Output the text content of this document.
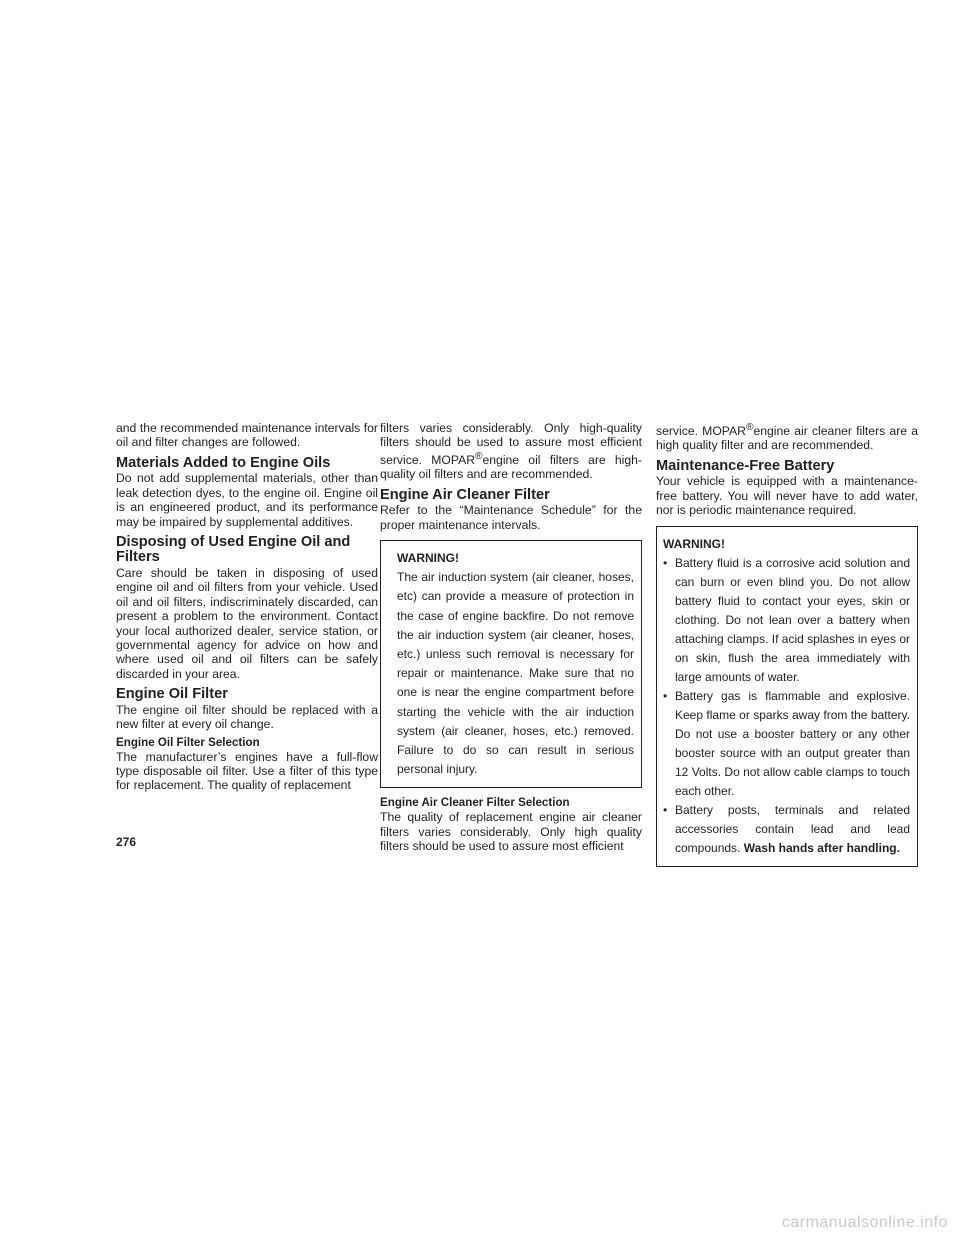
and the recommended maintenance intervals for oil and filter changes are followed.

Materials Added to Engine Oils

Do not add supplemental materials, other than leak detection dyes, to the engine oil. Engine oil is an engineered product, and its performance may be impaired by supplemental additives.

Disposing of Used Engine Oil and Filters

Care should be taken in disposing of used engine oil and oil filters from your vehicle. Used oil and oil filters, indiscriminately discarded, can present a problem to the environment. Contact your local authorized dealer, service station, or governmental agency for advice on how and where used oil and oil filters can be safely discarded in your area.

Engine Oil Filter

The engine oil filter should be replaced with a new filter at every oil change.

Engine Oil Filter Selection

The manufacturer’s engines have a full-flow type disposable oil filter. Use a filter of this type for replacement. The quality of replacement

filters varies considerably. Only high-quality filters should be used to assure most efficient service. MOPAR®engine oil filters are high-quality oil filters and are recommended.

Engine Air Cleaner Filter

Refer to the “Maintenance Schedule” for the proper maintenance intervals.

WARNING!
The air induction system (air cleaner, hoses, etc) can provide a measure of protection in the case of engine backfire. Do not remove the air induction system (air cleaner, hoses, etc.) unless such removal is necessary for repair or maintenance. Make sure that no one is near the engine compartment before starting the vehicle with the air induction system (air cleaner, hoses, etc.) removed. Failure to do so can result in serious personal injury.
Engine Air Cleaner Filter Selection

The quality of replacement engine air cleaner filters varies considerably. Only high quality filters should be used to assure most efficient

service. MOPAR®engine air cleaner filters are a high quality filter and are recommended.

Maintenance-Free Battery

Your vehicle is equipped with a maintenance-free battery. You will never have to add water, nor is periodic maintenance required.

WARNING!
• Battery fluid is a corrosive acid solution and can burn or even blind you. Do not allow battery fluid to contact your eyes, skin or clothing. Do not lean over a battery when attaching clamps. If acid splashes in eyes or on skin, flush the area immediately with large amounts of water.
• Battery gas is flammable and explosive. Keep flame or sparks away from the battery. Do not use a booster battery or any other booster source with an output greater than 12 Volts. Do not allow cable clamps to touch each other.
• Battery posts, terminals and related accessories contain lead and lead compounds. Wash hands after handling.
276
carmanualsonline.info
